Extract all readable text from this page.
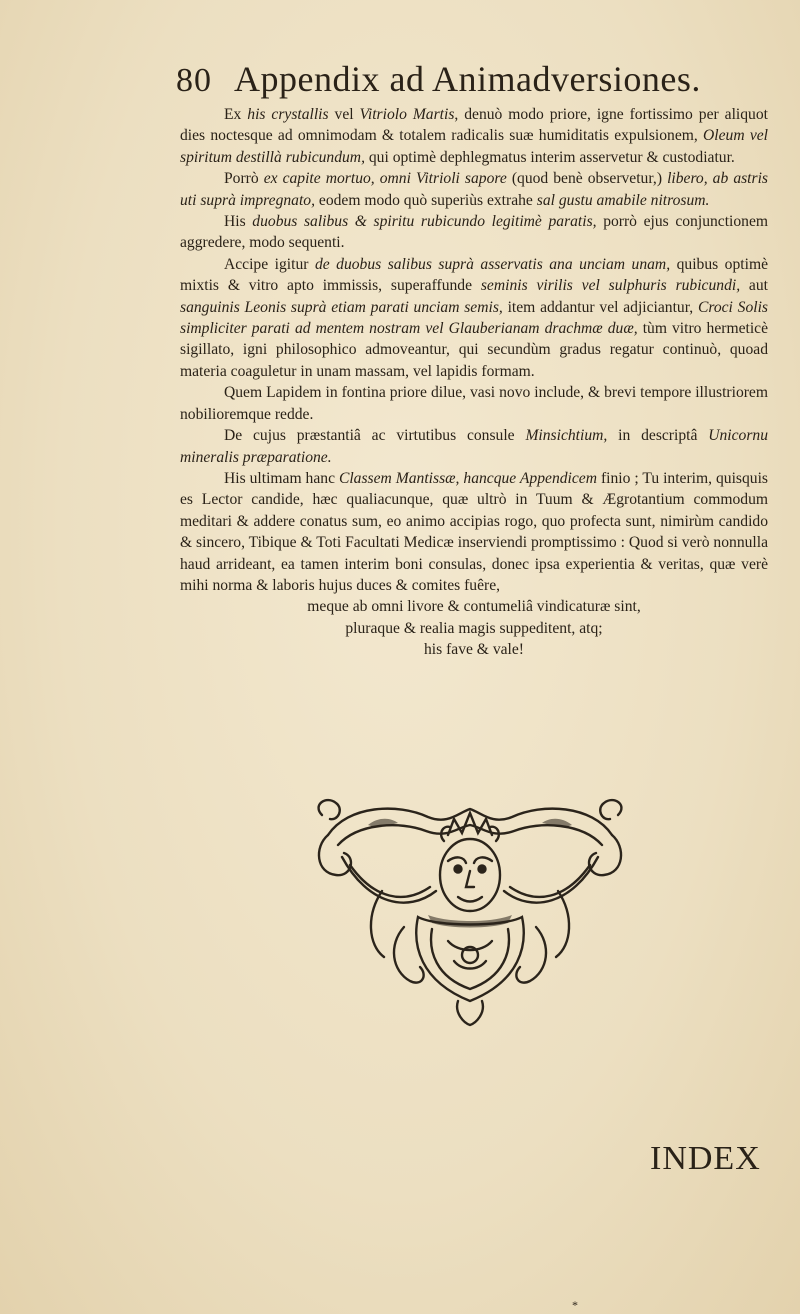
80 Appendix ad Animadversiones.

Ex his crystallis vel Vitriolo Martis, denuò modo priore, igne fortissimo per aliquot dies noctesque ad omnimodam & totalem radicalis suæ humiditatis expulsionem, Oleum vel spiritum destillà rubicundum, qui optimè dephlegmatus interim asservetur & custodiatur.

Porrò ex capite mortuo, omni Vitrioli sapore (quod benè observetur,) libero, ab astris uti suprà impregnato, eodem modo quò superiùs extrahe sal gustu amabile nitrosum.

His duobus salibus & spiritu rubicundo legitimè paratis, porrò ejus conjunctionem aggredere, modo sequenti.

Accipe igitur de duobus salibus suprà asservatis ana unciam unam, quibus optimè mixtis & vitro apto immissis, superaffunde seminis virilis vel sulphuris rubicundi, aut sanguinis Leonis suprà etiam parati unciam semis, item addantur vel adjiciantur, Croci Solis simpliciter parati ad mentem nostram vel Glauberianam drachmæ duæ, tùm vitro hermeticè sigillato, igni philosophico admoveantur, qui secundùm gradus regatur continuò, quoad materia coaguletur in unam massam, vel lapidis formam.

Quem Lapidem in fontina priore dilue, vasi novo include, & brevi tempore illustriorem nobilioremque redde.

De cujus præstantiâ ac virtutibus consule Minsichtium, in descriptâ Unicornu mineralis præparatione.

His ultimam hanc Classem Mantissæ, hancque Appendicem finio ; Tu interim, quisquis es Lector candide, hæc qualiacunque, quæ ultrò in Tuum & Ægrotantium commodum meditari & addere conatus sum, eo animo accipias rogo, quo profecta sunt, nimirùm candido & sincero, Tibique & Toti Facultati Medicæ inserviendi promptissimo : Quod si verò nonnulla haud arrideant, ea tamen interim boni consulas, donec ipsa experientia & veritas, quæ verè mihi norma & laboris hujus duces & comites fuêre,

meque ab omni livore & contumeliâ vindicaturæ sint,
pluraque & realia magis suppeditent, atq;
his fave & vale!
INDEX
*
